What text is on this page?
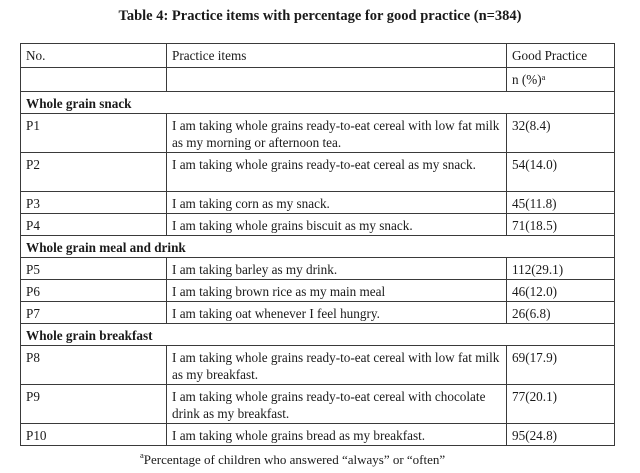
Table 4: Practice items with percentage for good practice (n=384)
No.	Practice items	Good Practice
		n (%)$^a$
Whole grain snack		
P1	I am taking whole grains ready-to-eat cereal with low fat milk as my morning or afternoon tea.	32(8.4)
P2	I am taking whole grains ready-to-eat cereal as my snack.	54(14.0)
P3	I am taking corn as my snack.	45(11.8)
P4	I am taking whole grains biscuit as my snack.	71(18.5)
Whole grain meal and drink		
P5	I am taking barley as my drink.	112(29.1)
P6	I am taking brown rice as my main meal	46(12.0)
P7	I am taking oat whenever I feel hungry.	26(6.8)
Whole grain breakfast		
P8	I am taking whole grains ready-to-eat cereal with low fat milk as my breakfast.	69(17.9)
P9	I am taking whole grains ready-to-eat cereal with chocolate drink as my breakfast.	77(20.1)
P10	I am taking whole grains bread as my breakfast.	95(24.8)
$^a$Percentage of children who answered “always” or “often”
